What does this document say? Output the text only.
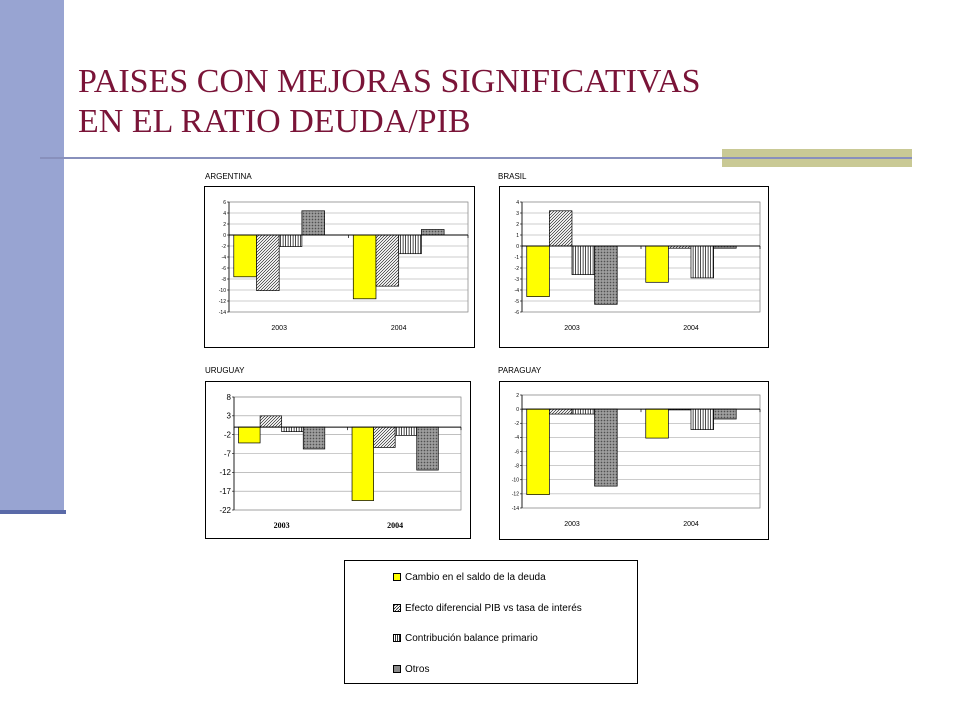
PAISES CON MEJORAS SIGNIFICATIVAS
EN EL RATIO DEUDA/PIB
ARGENTINA	BRASIL
URUGUAY	PARAGUAY
6
4
2
0
-2
-4
-6
-8
-10
-12
-14
2003	2004
4
3
2
1
0
-1
-2
-3
-4
-5
-6
2003	2004
8
3
-2
-7
-12
-17
-22
2003	2004
2
0
-2
-4
-6
-8
-10
-12
-14
2003	2004
Cambio en el saldo de la deuda
Efecto diferencial PIB vs tasa de interés
Contribución balance primario
Otros
